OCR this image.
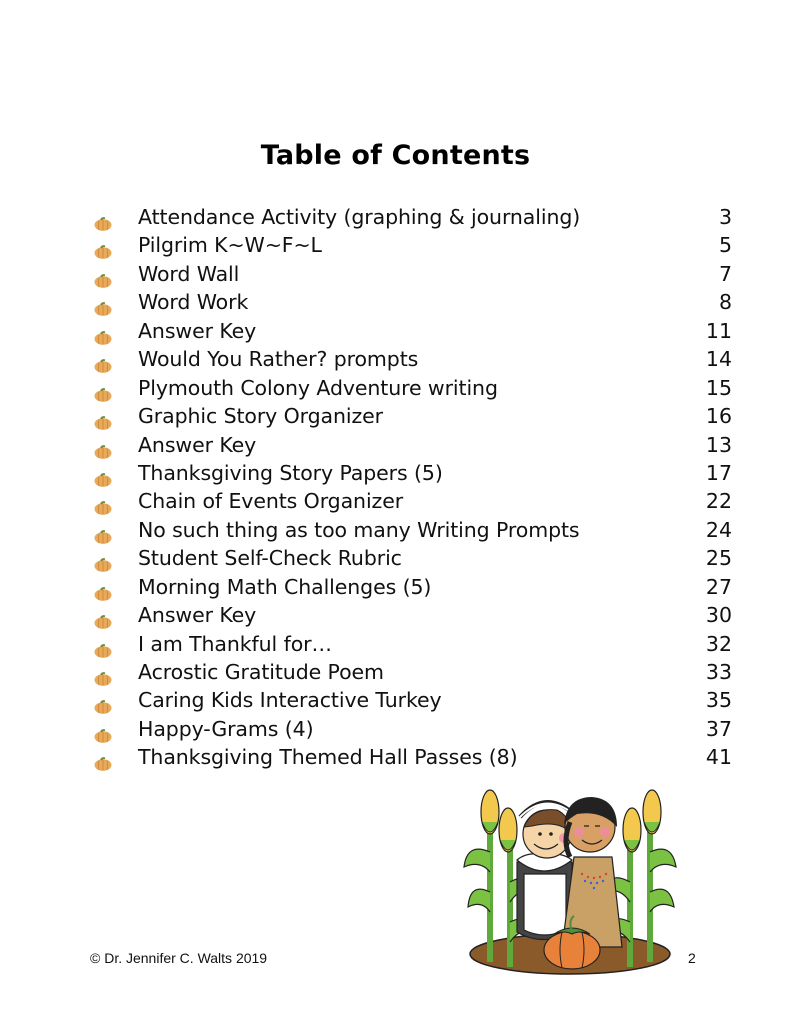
Table of Contents
Attendance Activity (graphing & journaling)	3
Pilgrim K~W~F~L	5
Word Wall	7
Word Work	8
Answer Key	11
Would You Rather? prompts	14
Plymouth Colony Adventure writing	15
Graphic Story Organizer	16
Answer Key	13
Thanksgiving Story Papers (5)	17
Chain of Events Organizer	22
No such thing as too many Writing Prompts	24
Student Self-Check Rubric	25
Morning Math Challenges (5)	27
Answer Key	30
I am Thankful for…	32
Acrostic Gratitude Poem	33
Caring Kids Interactive Turkey	35
Happy-Grams (4)	37
Thanksgiving Themed Hall Passes (8)	41
© Dr. Jennifer C. Walts 2019	2
